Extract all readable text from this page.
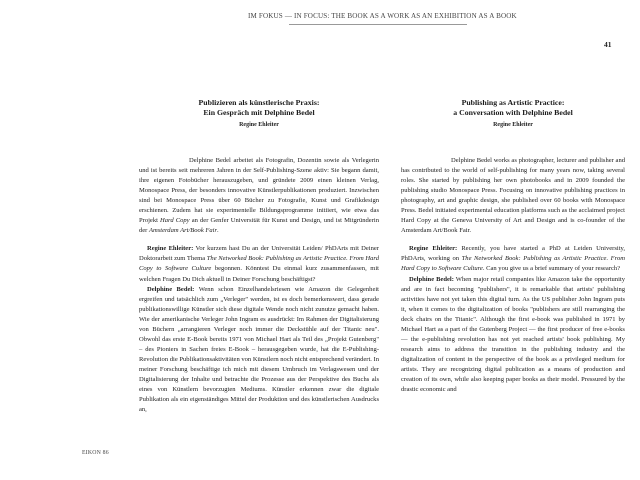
IM FOKUS — IN FOCUS: THE BOOK AS A WORK AS AN EXHIBITION AS A BOOK
41

Publizieren als künstlerische Praxis:
Ein Gespräch mit Delphine Bedel

Regine Ehleiter

Delphine Bedel arbeitet als Fotografin, Dozentin sowie als Verlegerin und ist bereits seit mehreren Jahren in der Self-Publishing-Szene aktiv: Sie begann damit, ihre eigenen Fotobücher herauszugeben, und gründete 2009 einen kleinen Verlag, Monospace Press, der besonders innovative Künstlerpublikationen produziert. Inzwischen sind bei Monospace Press über 60 Bücher zu Fotografie, Kunst und Grafikdesign erschienen. Zudem hat sie experimentelle Bildungsprogramme initiiert, wie etwa das Projekt Hard Copy an der Genfer Universität für Kunst und Design, und ist Mitgründerin der Amsterdam Art/Book Fair.

Regine Ehleiter: Vor kurzem hast Du an der Universität Leiden/ PhDArts mit Deiner Doktorarbeit zum Thema The Networked Book: Publishing as Artistic Practice. From Hard Copy to Software Culture begonnen. Könntest Du einmal kurz zusammenfassen, mit welchen Fragen Du Dich aktuell in Deiner Forschung beschäftigst?

Delphine Bedel: Wenn schon Einzelhandelsriesen wie Amazon die Gelegenheit ergreifen und tatsächlich zum „Verleger" werden, ist es doch bemerkenswert, dass gerade publikationswillige Künstler sich diese digitale Wende noch nicht zunutze gemacht haben. Wie der amerikanische Verleger John Ingram es ausdrückt: Im Rahmen der Digitalisierung von Büchern „arrangieren Verleger noch immer die Deckstühle auf der Titanic neu". Obwohl das erste E-Book bereits 1971 von Michael Hart als Teil des „Projekt Gutenberg" – des Pioniers in Sachen freies E-Book – herausgegeben wurde, hat die E-Publishing-Revolution die Publikationsaktivitäten von Künstlern noch nicht entsprechend verändert. In meiner Forschung beschäftige ich mich mit diesem Umbruch im Verlagswesen und der Digitalisierung der Inhalte und betrachte die Prozesse aus der Perspektive des Buchs als eines von Künstlern bevorzugten Mediums. Künstler erkennen zwar die digitale Publikation als ein eigenständiges Mittel der Produktion und des künstlerischen Ausdrucks an,

Publishing as Artistic Practice:
a Conversation with Delphine Bedel

Regine Ehleiter

Delphine Bedel works as photographer, lecturer and publisher and has contributed to the world of self-publishing for many years now, taking several roles. She started by publishing her own photobooks and in 2009 founded the publishing studio Monospace Press. Focusing on innovative publishing practices in photography, art and graphic design, she published over 60 books with Monospace Press. Bedel initiated experimental education platforms such as the acclaimed project Hard Copy at the Geneva University of Art and Design and is co-founder of the Amsterdam Art/Book Fair.

Regine Ehleiter: Recently, you have started a PhD at Leiden University, PhDArts, working on The Networked Book: Publishing as Artistic Practice. From Hard Copy to Software Culture. Can you give us a brief summary of your research?

Delphine Bedel: When major retail companies like Amazon take the opportunity and are in fact becoming "publishers", it is remarkable that artists' publishing activities have not yet taken this digital turn. As the US publisher John Ingram puts it, when it comes to the digitalization of books "publishers are still rearranging the deck chairs on the Titanic". Although the first e-book was published in 1971 by Michael Hart as a part of the Gutenberg Project — the first producer of free e-books — the e-publishing revolution has not yet reached artists' book publishing. My research aims to address the transition in the publishing industry and the digitalization of content in the perspective of the book as a privileged medium for artists. They are recognizing digital publication as a means of production and creation of its own, while also keeping paper books as their model. Pressured by the drastic economic and

EIKON 86
